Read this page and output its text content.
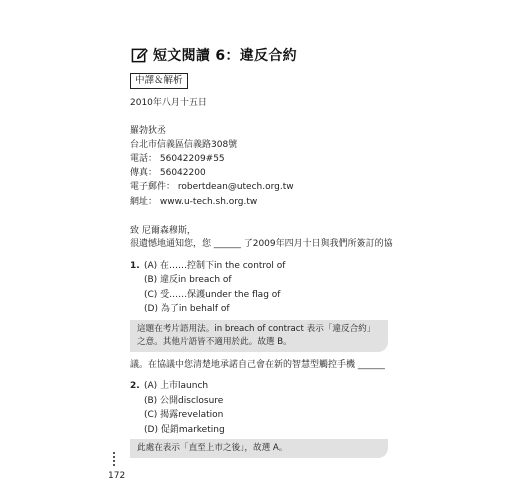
短文閱讀 6：違反合約
中譯＆解析
2010年八月十五日
羅勃狄丞
台北市信義區信義路308號
電話： 56042209#55
傳真： 56042200
電子郵件： robertdean@utech.org.tw
網址： www.u-tech.sh.org.tw
致 尼爾森穆斯，
很遺憾地通知您，您 ______ 了2009年四月十日與我們所簽訂的協
1. (A) 在……控制下in the control of
(B) 違反in breach of
(C) 受……保護under the flag of
(D) 為了in behalf of
這題在考片語用法。in breach of contract 表示「違反合約」
之意。其他片語皆不適用於此。故選 B。
議。在協議中您清楚地承諾自己會在新的智慧型觸控手機 ______
2. (A) 上市launch
(B) 公開disclosure
(C) 揭露revelation
(D) 促銷marketing
此處在表示「直至上市之後」，故選 A。
172
